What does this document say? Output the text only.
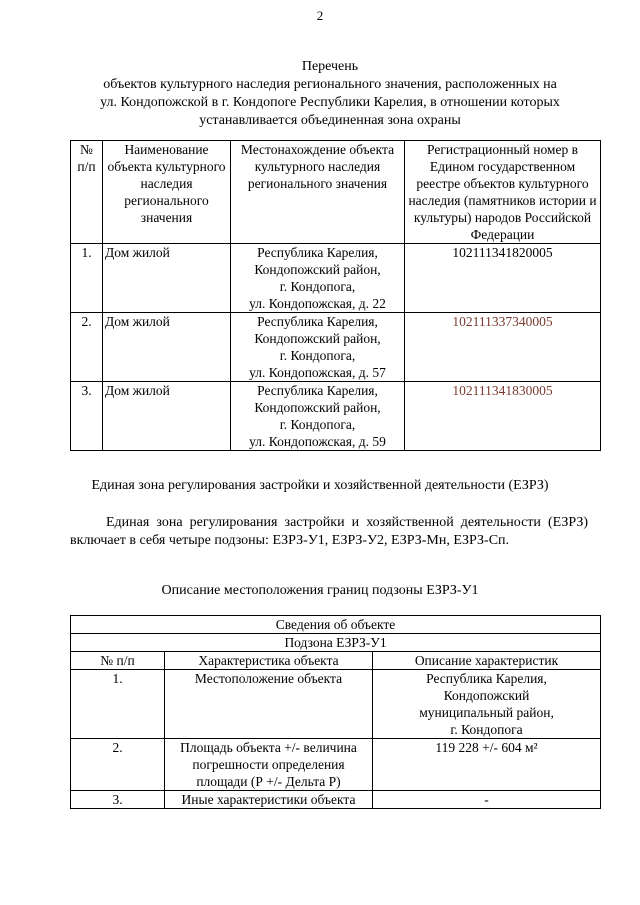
2
Перечень
объектов культурного наследия регионального значения, расположенных на
ул. Кондопожской в г. Кондопоге Республики Карелия, в отношении которых
устанавливается объединенная зона охраны
№ п/п	Наименование объекта культурного наследия регионального значения	Местонахождение объекта культурного наследия регионального значения	Регистрационный номер в Едином государственном реестре объектов культурного наследия (памятников истории и культуры) народов Российской Федерации
1.	Дом жилой	Республика Карелия,
Кондопожский район,
г. Кондопога,
ул. Кондопожская, д. 22	102111341820005
2.	Дом жилой	Республика Карелия,
Кондопожский район,
г. Кондопога,
ул. Кондопожская, д. 57	102111337340005
3.	Дом жилой	Республика Карелия,
Кондопожский район,
г. Кондопога,
ул. Кондопожская, д. 59	102111341830005
Единая зона регулирования застройки и хозяйственной деятельности (ЕЗРЗ)
Единая зона регулирования застройки и хозяйственной деятельности (ЕЗРЗ) включает в себя четыре подзоны: ЕЗРЗ-У1, ЕЗРЗ-У2, ЕЗРЗ-Мн, ЕЗРЗ-Сп.
Описание местоположения границ подзоны ЕЗРЗ-У1
Сведения об объекте		
Подзона ЕЗРЗ-У1		
№ п/п	Характеристика объекта	Описание характеристик
1.	Местоположение объекта	Республика Карелия,
Кондопожский
муниципальный район,
г. Кондопога

2.	Площадь объекта +/- величина
погрешности определения
площади (Р +/- Дельта Р)	119 228 +/- 604 м²
3.	Иные характеристики объекта	-
